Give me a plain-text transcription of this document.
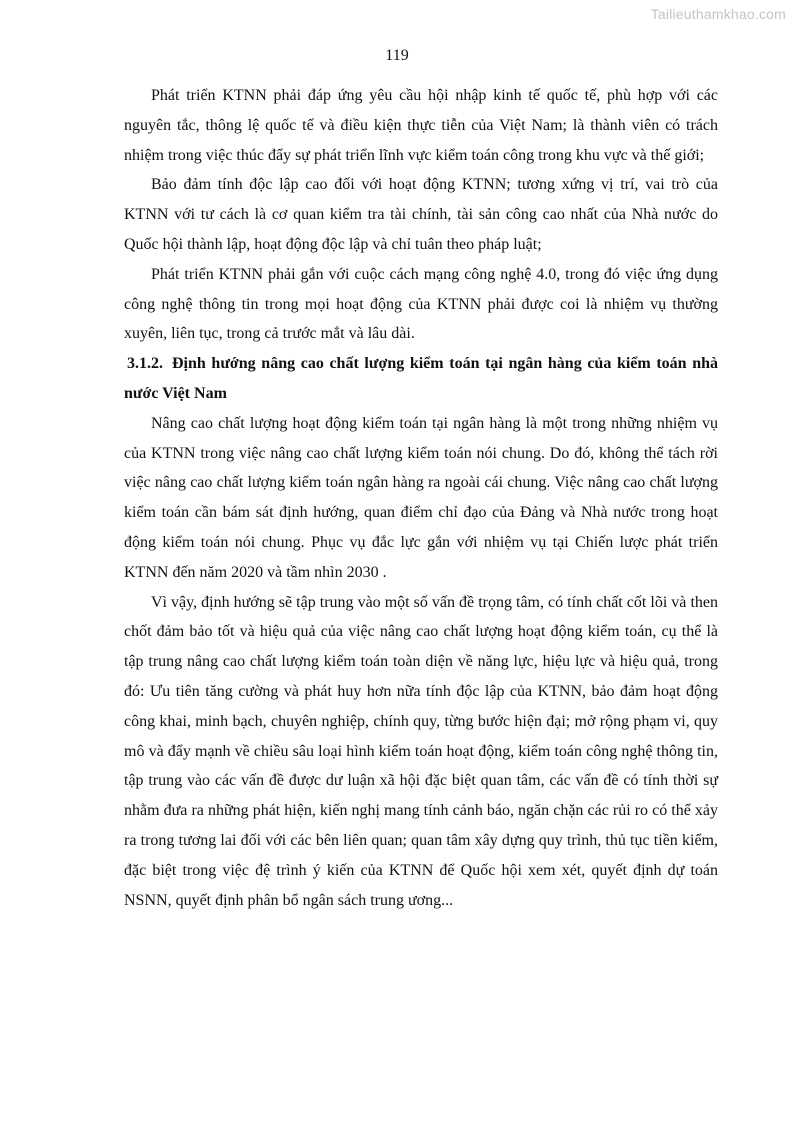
Tailieuthamkhao.com
119

Phát triển KTNN phải đáp ứng yêu cầu hội nhập kinh tế quốc tế, phù hợp với các nguyên tắc, thông lệ quốc tế và điều kiện thực tiễn của Việt Nam; là thành viên có trách nhiệm trong việc thúc đẩy sự phát triển lĩnh vực kiểm toán công trong khu vực và thế giới;

Bảo đảm tính độc lập cao đối với hoạt động KTNN; tương xứng vị trí, vai trò của KTNN với tư cách là cơ quan kiểm tra tài chính, tài sản công cao nhất của Nhà nước do Quốc hội thành lập, hoạt động độc lập và chỉ tuân theo pháp luật;

Phát triển KTNN phải gắn với cuộc cách mạng công nghệ 4.0, trong đó việc ứng dụng công nghệ thông tin trong mọi hoạt động của KTNN phải được coi là nhiệm vụ thường xuyên, liên tục, trong cả trước mắt và lâu dài.

3.1.2. Định hướng nâng cao chất lượng kiểm toán tại ngân hàng của kiểm toán nhà nước Việt Nam

Nâng cao chất lượng hoạt động kiểm toán tại ngân hàng là một trong những nhiệm vụ của KTNN trong việc nâng cao chất lượng kiểm toán nói chung. Do đó, không thể tách rời việc nâng cao chất lượng kiểm toán ngân hàng ra ngoài cái chung. Việc nâng cao chất lượng kiểm toán cần bám sát định hướng, quan điểm chỉ đạo của Đảng và Nhà nước trong hoạt động kiểm toán nói chung. Phục vụ đắc lực gắn với nhiệm vụ tại Chiến lược phát triển KTNN đến năm 2020 và tầm nhìn 2030 .

Vì vậy, định hướng sẽ tập trung vào một số vấn đề trọng tâm, có tính chất cốt lõi và then chốt đảm bảo tốt và hiệu quả của việc nâng cao chất lượng hoạt động kiểm toán, cụ thể là tập trung nâng cao chất lượng kiểm toán toàn diện về năng lực, hiệu lực và hiệu quả, trong đó: Ưu tiên tăng cường và phát huy hơn nữa tính độc lập của KTNN, bảo đảm hoạt động công khai, minh bạch, chuyên nghiệp, chính quy, từng bước hiện đại; mở rộng phạm vi, quy mô và đẩy mạnh về chiều sâu loại hình kiểm toán hoạt động, kiểm toán công nghệ thông tin, tập trung vào các vấn đề được dư luận xã hội đặc biệt quan tâm, các vấn đề có tính thời sự nhằm đưa ra những phát hiện, kiến nghị mang tính cảnh báo, ngăn chặn các rủi ro có thể xảy ra trong tương lai đối với các bên liên quan; quan tâm xây dựng quy trình, thủ tục tiền kiểm, đặc biệt trong việc đệ trình ý kiến của KTNN để Quốc hội xem xét, quyết định dự toán NSNN, quyết định phân bổ ngân sách trung ương...
